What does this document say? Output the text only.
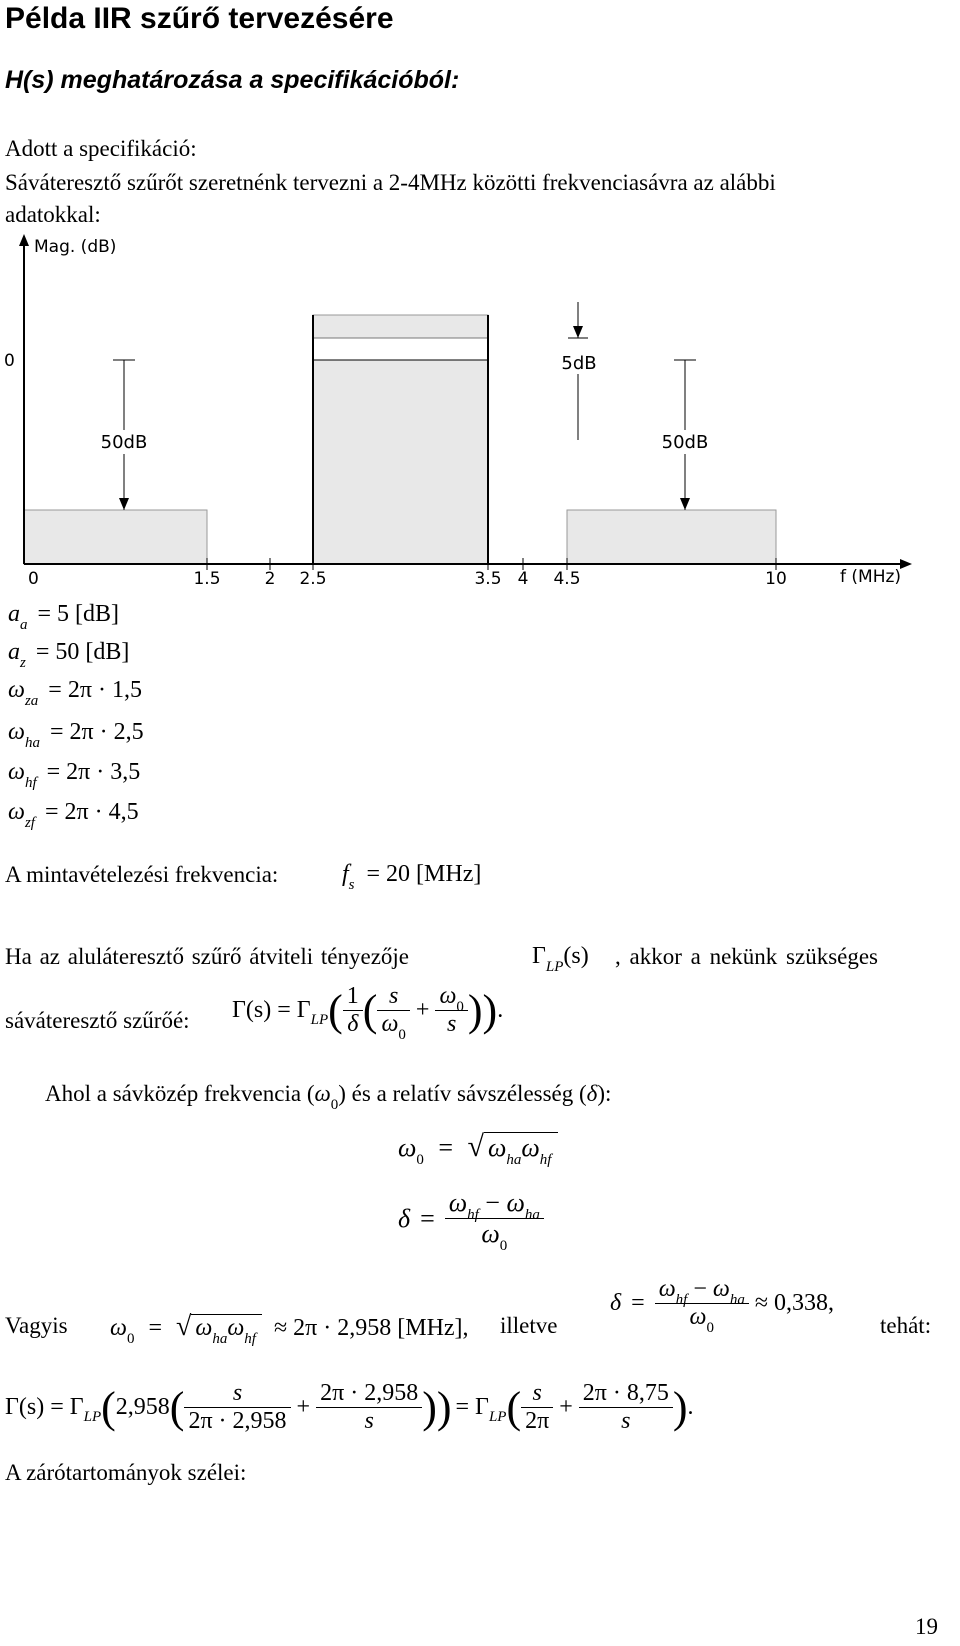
Példa IIR szűrő tervezésére
H(s) meghatározása a specifikációból:
Adott a specifikáció:
Sáváteresztő szűrőt szeretnénk tervezni a 2-4MHz közötti frekvenciasávra az alábbi
adatokkal:
Mag. (dB)
f (MHz)
0
0	1.5	2 2.5	3.5 4 4.5	10
50dB
5dB
50dB
$a_a = 5$ [dB]
$a_z = 50$ [dB]
$\omega_{za} = 2\pi \cdot 1,5$
$\omega_{ha} = 2\pi \cdot 2,5$
$\omega_{hf} = 2\pi \cdot 3,5$
$\omega_{zf} = 2\pi \cdot 4,5$
A mintavételezési frekvencia:	$f_s = 20$ [MHz]
Ha az aluláteresztő szűrő átviteli tényezője	$\Gamma_{LP}(s)$ , akkor a nekünk szükséges
sáváteresztő szűrőé: Γ(s) = Γ LP ( $\frac{1}{\delta}$ ( $\frac{s}{\omega_0} + \frac{\omega_0}{s}$ )) .
Ahol a sávközép frekvencia $(\omega_0)$ és a relatív sávszélesség (δ):
$\omega_0$ = √ $\omega_{ha}\omega_{hf}$
$\delta = \frac{\omega_{hf} - \omega_{ha}}{\omega_0}$
Vagyis $\omega_0$ = √ $\omega_{ha}\omega_{hf} \approx 2\pi \cdot 2,958$ [MHz], illetve
$\delta = \frac{\omega_{hf} - \omega_{ha}}{\omega_0} \approx 0,338$,
tehát:
Γ(s) = Γ LP ( 2,958 ( $\frac{s}{2\pi \cdot 2,958} + \frac{2\pi \cdot 2,958}{s}$ )) = Γ LP ( $\frac{s}{2\pi} + \frac{2\pi \cdot 8,75}{s}$ ) .
A zárótartományok szélei:
19
